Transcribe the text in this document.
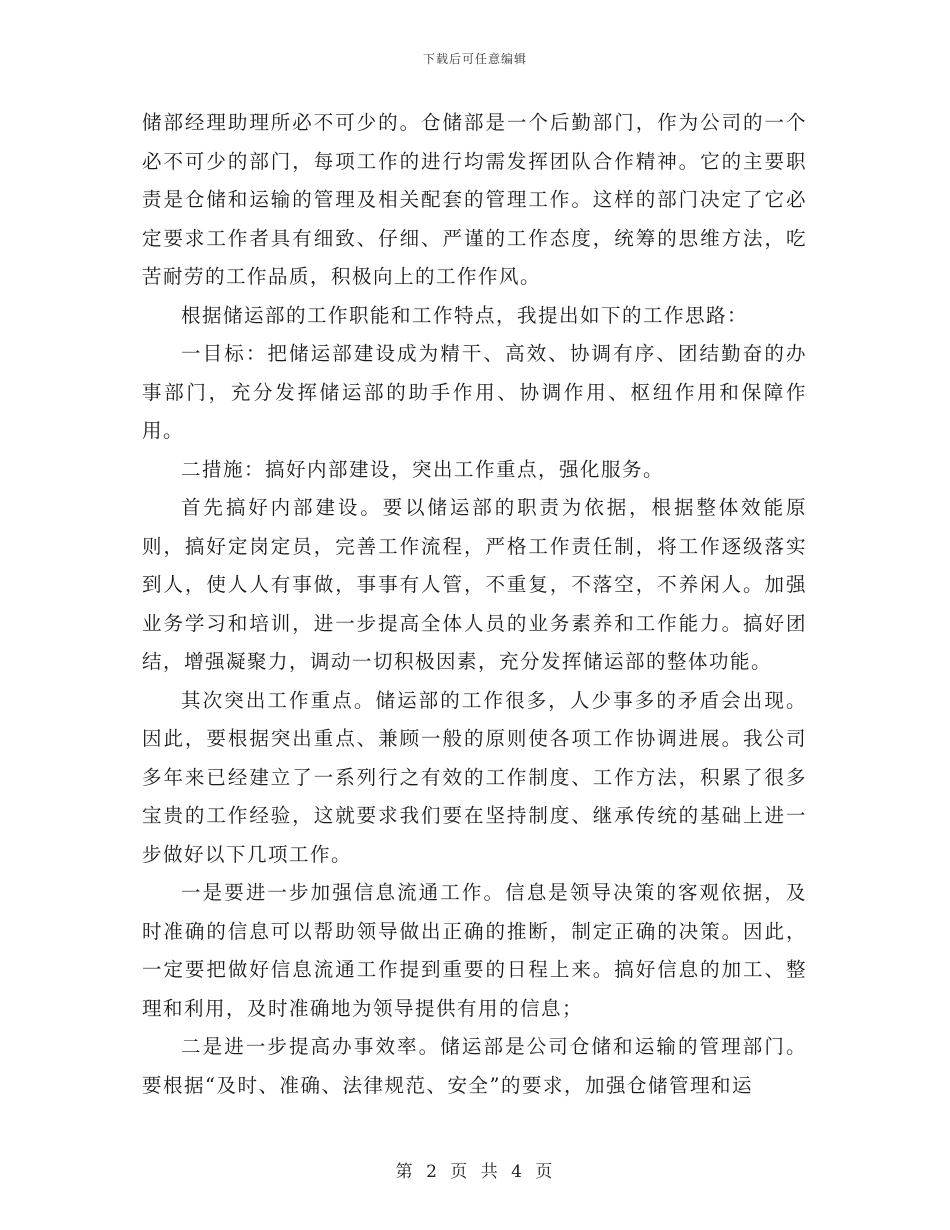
下载后可任意编辑

储部经理助理所必不可少的。仓储部是一个后勤部门，作为公司的一个必不可少的部门，每项工作的进行均需发挥团队合作精神。它的主要职责是仓储和运输的管理及相关配套的管理工作。这样的部门决定了它必定要求工作者具有细致、仔细、严谨的工作态度，统筹的思维方法，吃苦耐劳的工作品质，积极向上的工作作风。

根据储运部的工作职能和工作特点，我提出如下的工作思路：

一目标：把储运部建设成为精干、高效、协调有序、团结勤奋的办事部门，充分发挥储运部的助手作用、协调作用、枢纽作用和保障作用。

二措施：搞好内部建设，突出工作重点，强化服务。

首先搞好内部建设。要以储运部的职责为依据，根据整体效能原则，搞好定岗定员，完善工作流程，严格工作责任制，将工作逐级落实到人，使人人有事做，事事有人管，不重复，不落空，不养闲人。加强业务学习和培训，进一步提高全体人员的业务素养和工作能力。搞好团结，增强凝聚力，调动一切积极因素，充分发挥储运部的整体功能。

其次突出工作重点。储运部的工作很多，人少事多的矛盾会出现。因此，要根据突出重点、兼顾一般的原则使各项工作协调进展。我公司多年来已经建立了一系列行之有效的工作制度、工作方法，积累了很多宝贵的工作经验，这就要求我们要在坚持制度、继承传统的基础上进一步做好以下几项工作。

一是要进一步加强信息流通工作。信息是领导决策的客观依据，及时准确的信息可以帮助领导做出正确的推断，制定正确的决策。因此，一定要把做好信息流通工作提到重要的日程上来。搞好信息的加工、整理和利用，及时准确地为领导提供有用的信息；

二是进一步提高办事效率。储运部是公司仓储和运输的管理部门。要根据“及时、准确、法律规范、安全”的要求，加强仓储管理和运

第 2 页 共 4 页
